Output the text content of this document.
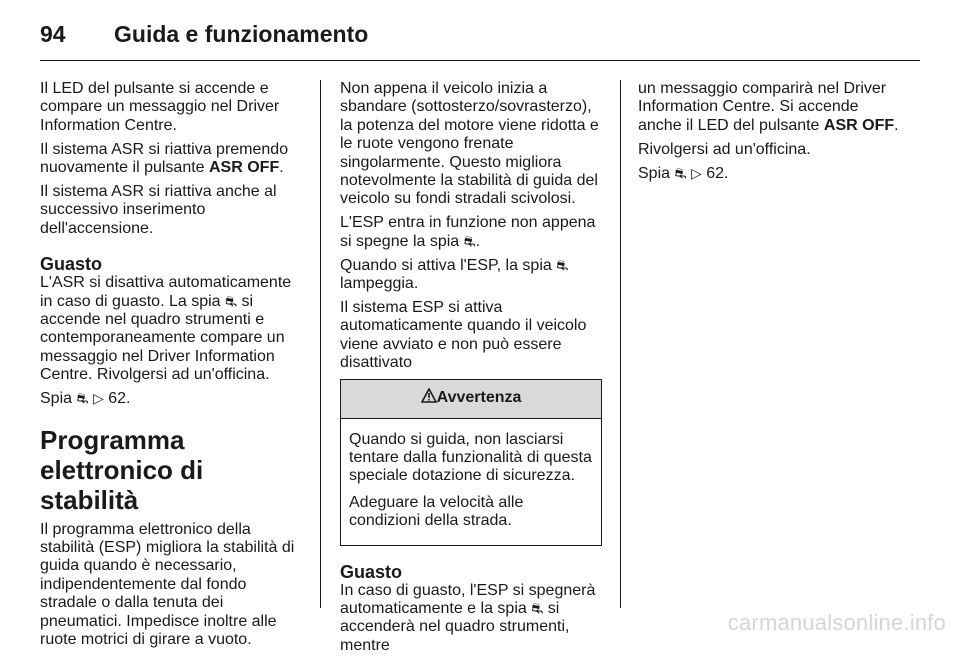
94	Guida e funzionamento

Il LED del pulsante si accende e compare un messaggio nel Driver Information Centre.

Il sistema ASR si riattiva premendo nuovamente il pulsante ASR OFF.

Il sistema ASR si riattiva anche al successivo inserimento dell'accensione.

Guasto

L'ASR si disattiva automaticamente in caso di guasto. La spia ⛐ si accende nel quadro strumenti e contemporaneamente compare un messaggio nel Driver Information Centre. Rivolgersi ad un'officina.

Spia ⛐ ▷ 62.

Programma elettronico di stabilità

Il programma elettronico della stabilità (ESP) migliora la stabilità di guida quando è necessario, indipendentemente dal fondo stradale o dalla tenuta dei pneumatici. Impedisce inoltre alle ruote motrici di girare a vuoto.

Non appena il veicolo inizia a sbandare (sottosterzo/sovrasterzo), la potenza del motore viene ridotta e le ruote vengono frenate singolarmente. Questo migliora notevolmente la stabilità di guida del veicolo su fondi stradali scivolosi.

L'ESP entra in funzione non appena si spegne la spia ⛐.

Quando si attiva l'ESP, la spia ⛐ lampeggia.

Il sistema ESP si attiva automaticamente quando il veicolo viene avviato e non può essere disattivato

Avvertenza

Quando si guida, non lasciarsi tentare dalla funzionalità di questa speciale dotazione di sicurezza.

Adeguare la velocità alle condizioni della strada.

Guasto

In caso di guasto, l'ESP si spegnerà automaticamente e la spia ⛐ si accenderà nel quadro strumenti, mentre

un messaggio comparirà nel Driver Information Centre. Si accende anche il LED del pulsante ASR OFF.

Rivolgersi ad un'officina.

Spia ⛐ ▷ 62.

carmanualsonline.info
